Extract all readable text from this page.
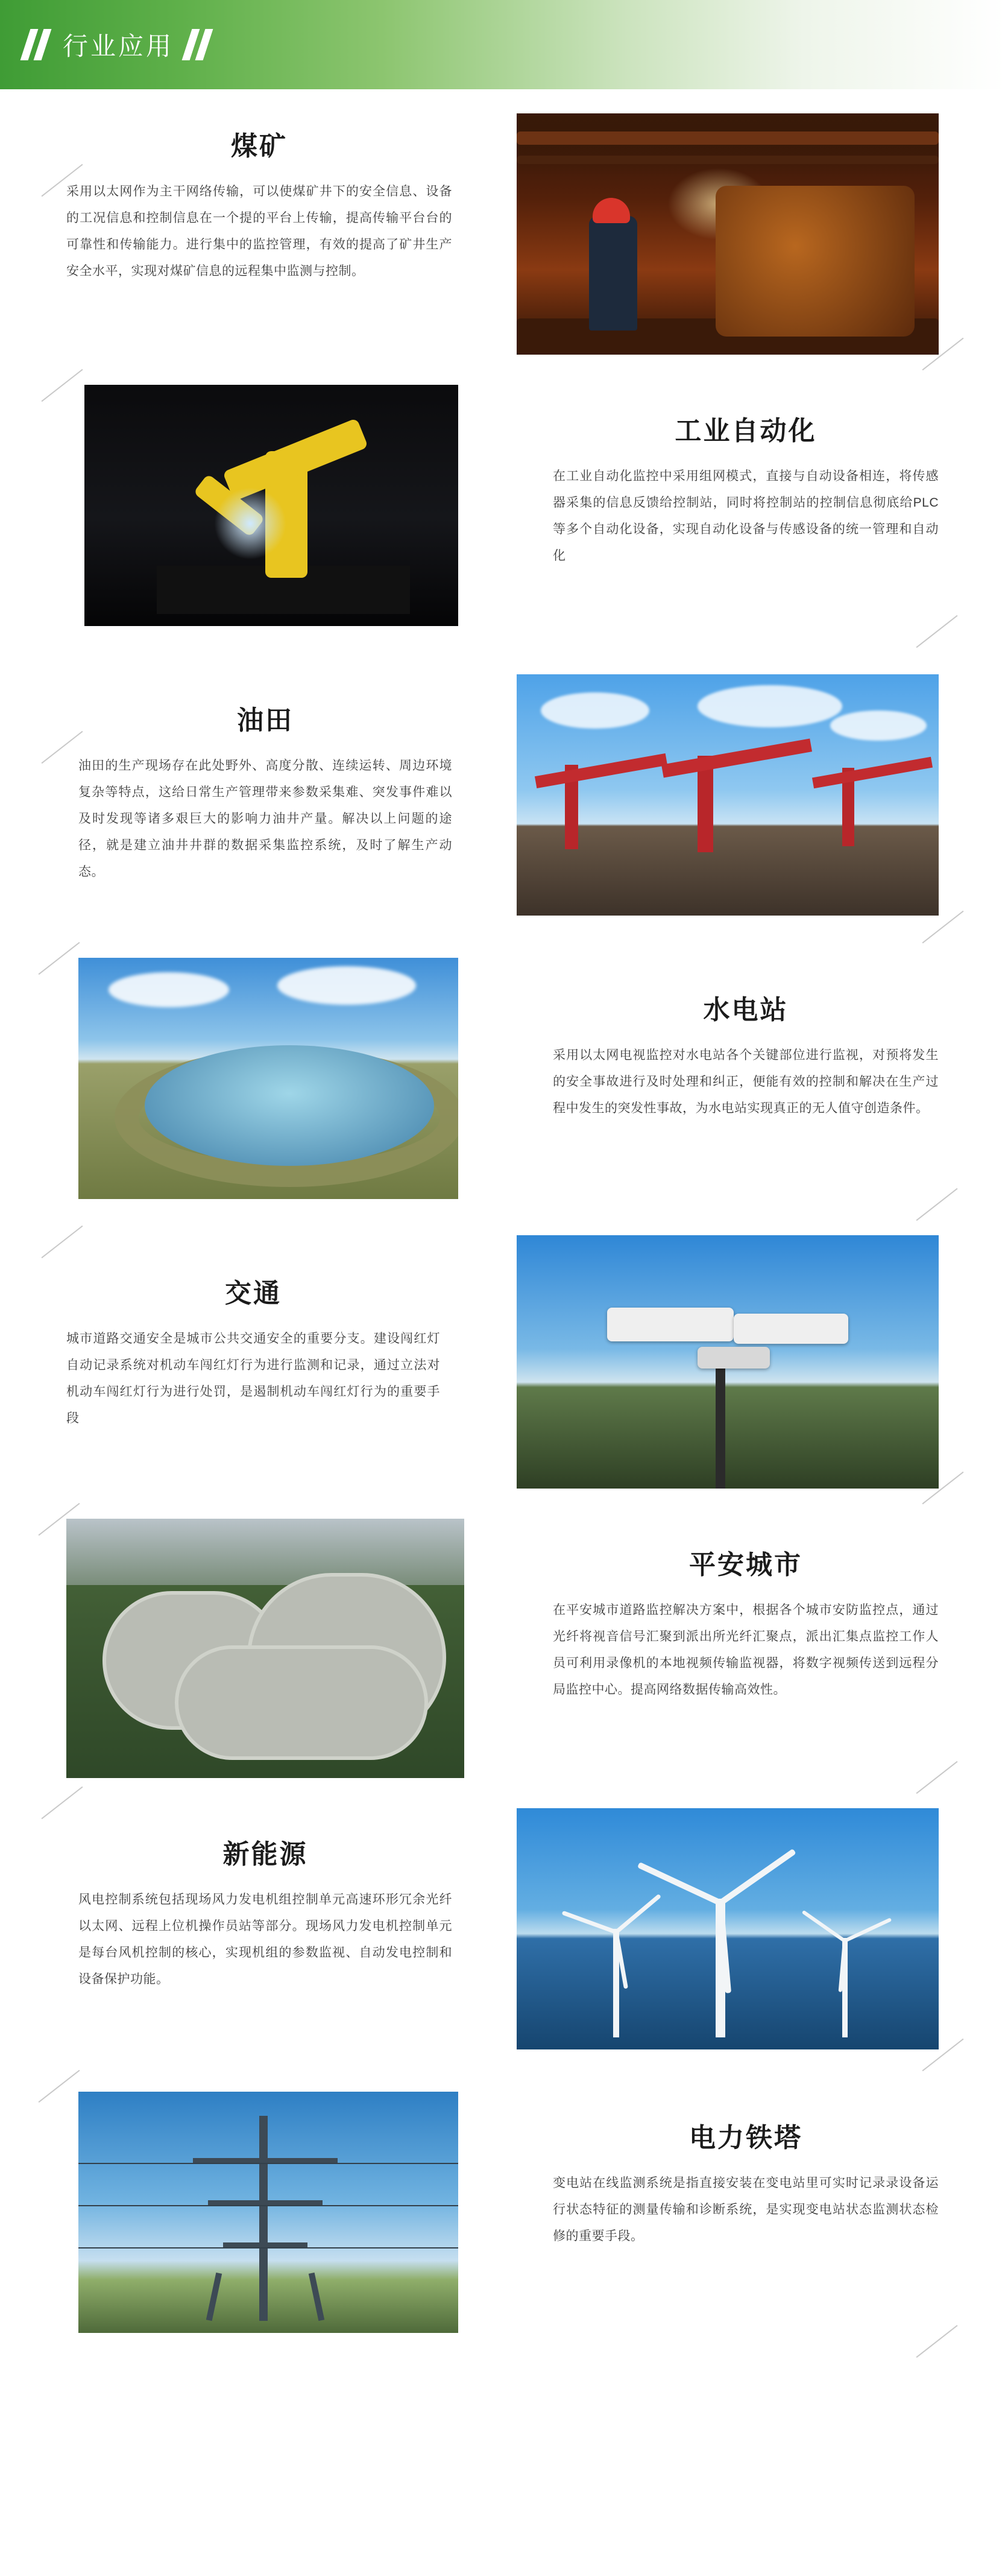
行业应用
煤矿
采用以太网作为主干网络传输，可以使煤矿井下的安全信息、设备的工况信息和控制信息在一个提的平台上传输，提高传输平台台的可靠性和传输能力。进行集中的监控管理，有效的提高了矿井生产安全水平，实现对煤矿信息的远程集中监测与控制。
工业自动化
在工业自动化监控中采用组网模式，直接与自动设备相连，将传感器采集的信息反馈给控制站，同时将控制站的控制信息彻底给PLC等多个自动化设备，实现自动化设备与传感设备的统一管理和自动化
油田
油田的生产现场存在此处野外、高度分散、连续运转、周边环境复杂等特点，这给日常生产管理带来参数采集难、突发事件难以及时发现等诸多艰巨大的影响力油井产量。解决以上问题的途径，就是建立油井井群的数据采集监控系统，及时了解生产动态。
水电站
采用以太网电视监控对水电站各个关键部位进行监视，对预将发生的安全事故进行及时处理和纠正，便能有效的控制和解决在生产过程中发生的突发性事故，为水电站实现真正的无人值守创造条件。
交通
城市道路交通安全是城市公共交通安全的重要分支。建设闯红灯自动记录系统对机动车闯红灯行为进行监测和记录，通过立法对机动车闯红灯行为进行处罚，是遏制机动车闯红灯行为的重要手段
平安城市
在平安城市道路监控解决方案中，根据各个城市安防监控点，通过光纤将视音信号汇聚到派出所光纤汇聚点，派出汇集点监控工作人员可利用录像机的本地视频传输监视器，将数字视频传送到远程分局监控中心。提高网络数据传输高效性。
新能源
风电控制系统包括现场风力发电机组控制单元高速环形冗余光纤以太网、远程上位机操作员站等部分。现场风力发电机控制单元是每台风机控制的核心，实现机组的参数监视、自动发电控制和设备保护功能。
电力铁塔
变电站在线监测系统是指直接安装在变电站里可实时记录录设备运行状态特征的测量传输和诊断系统，是实现变电站状态监测状态检修的重要手段。
